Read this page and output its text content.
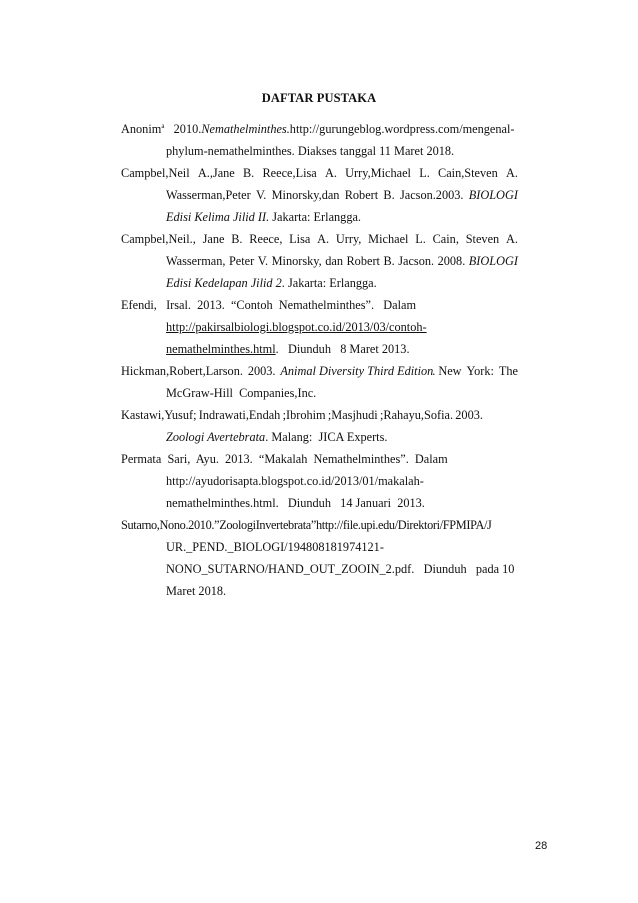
DAFTAR PUSTAKA
Anonim$^a$ 2010.Nemathelminthes.http://gurungeblog.wordpress.com/mengenal-
phylum-nemathelminthes. Diakses tanggal 11 Maret 2018.
Campbel,Neil A.,Jane B. Reece,Lisa A. Urry,Michael L. Cain,Steven A.
Wasserman,Peter V. Minorsky,dan Robert B. Jacson.2003. BIOLOGI
Edisi Kelima Jilid II. Jakarta: Erlangga.
Campbel,Neil., Jane B. Reece, Lisa A. Urry, Michael L. Cain, Steven A.
Wasserman, Peter V. Minorsky, dan Robert B. Jacson. 2008. BIOLOGI
Edisi Kedelapan Jilid 2. Jakarta: Erlangga.
Efendi,   Irsal.  2013.  “Contoh  Nemathelminthes”.   Dalam
http://pakirsalbiologi.blogspot.co.id/2013/03/contoh-
nemathelminthes.html.   Diunduh   8 Maret 2013.
Hickman,Robert,Larson. 2003. Animal Diversity Third Edition
. New York: The
McGraw-Hill  Companies,Inc.
Kastawi,Yusuf; Indrawati,Endah ;Ibrohim ;Masjhudi ;Rahayu,Sofia. 2003.
Zoologi Avertebrata. Malang:  JICA Experts.
Permata  Sari,  Ayu.  2013.  “Makalah  Nemathelminthes”.  Dalam
http://ayudorisapta.blogspot.co.id/2013/01/makalah-
nemathelminthes.html.   Diunduh   14 Januari  2013.
Sutarno,Nono.2010.”ZoologiInvertebrata”http://file.upi.edu/Direktori/FPMIPA/J
UR._PEND._BIOLOGI/194808181974121-
NONO_SUTARNO/HAND_OUT_ZOOIN_2.pdf.   Diunduh   pada 10
Maret 2018.
28
